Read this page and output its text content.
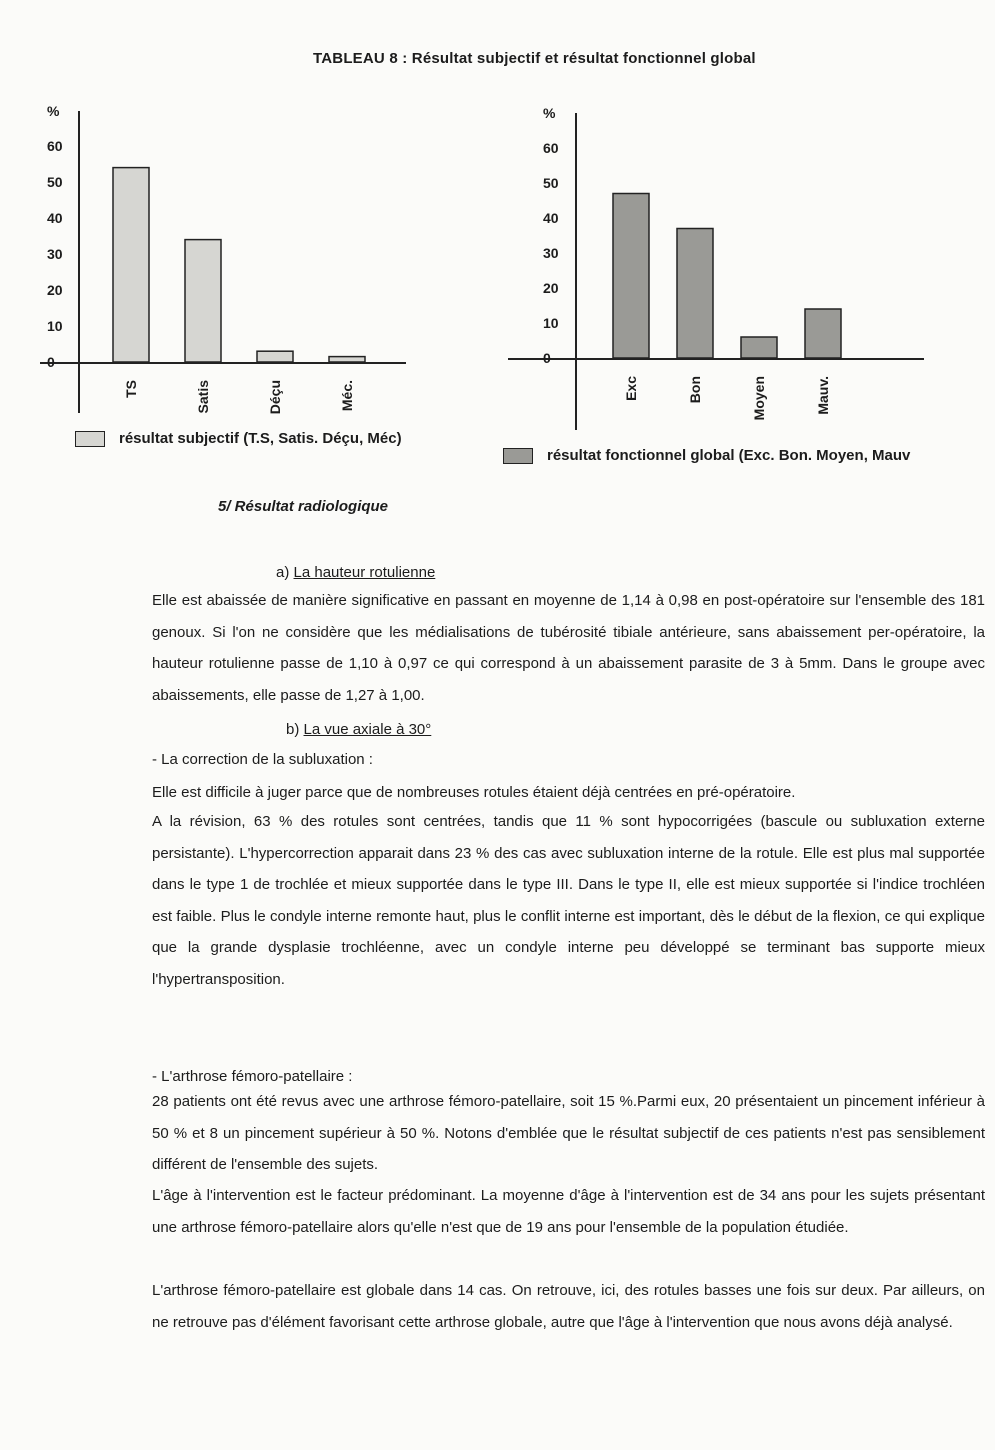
TABLEAU 8 : Résultat subjectif et résultat fonctionnel global
%
0
10
20
30
40
50
60
TS	Satis	Déçu	Méc.
%
0
10
20
30
40
50
60
Exc	Bon	Moyen	Mauv.
résultat subjectif (T.S, Satis. Déçu, Méc)
résultat fonctionnel global (Exc. Bon. Moyen, Mauv
5/ Résultat radiologique
a) La hauteur rotulienne
Elle est abaissée de manière significative en passant en moyenne de 1,14 à 0,98 en post-opératoire sur l'ensemble des 181 genoux. Si l'on ne considère que les médialisations de tubérosité tibiale antérieure, sans abaissement per-opératoire, la hauteur rotulienne passe de 1,10 à 0,97 ce qui correspond à un abaissement parasite de 3 à 5mm. Dans le groupe avec abaissements, elle passe de 1,27 à 1,00.
b) La vue axiale à 30°
- La correction de la subluxation :
Elle est difficile à juger parce que de nombreuses rotules étaient déjà centrées en pré-opératoire.
A la révision, 63 % des rotules sont centrées, tandis que 11 % sont hypocorrigées (bascule ou subluxation externe persistante). L'hypercorrection apparait dans 23 % des cas avec subluxation interne de la rotule. Elle est plus mal supportée dans le type 1 de trochlée et mieux supportée dans le type III. Dans le type II, elle est mieux supportée si l'indice trochléen est faible. Plus le condyle interne remonte haut, plus le conflit interne est important, dès le début de la flexion, ce qui explique que la grande dysplasie trochléenne, avec un condyle interne peu développé se terminant bas supporte mieux l'hypertransposition.
- L'arthrose fémoro-patellaire :
28 patients ont été revus avec une arthrose fémoro-patellaire, soit 15 %.Parmi eux, 20 présentaient un pincement inférieur à 50 % et 8 un pincement supérieur à 50 %. Notons d'emblée que le résultat subjectif de ces patients n'est pas sensiblement différent de l'ensemble des sujets.
L'âge à l'intervention est le facteur prédominant. La moyenne d'âge à l'intervention est de 34 ans pour les sujets présentant une arthrose fémoro-patellaire alors qu'elle n'est que de 19 ans pour l'ensemble de la population étudiée.
L'arthrose fémoro-patellaire est globale dans 14 cas. On retrouve, ici, des rotules basses une fois sur deux. Par ailleurs, on ne retrouve pas d'élément favorisant cette arthrose globale, autre que l'âge à l'intervention que nous avons déjà analysé.
